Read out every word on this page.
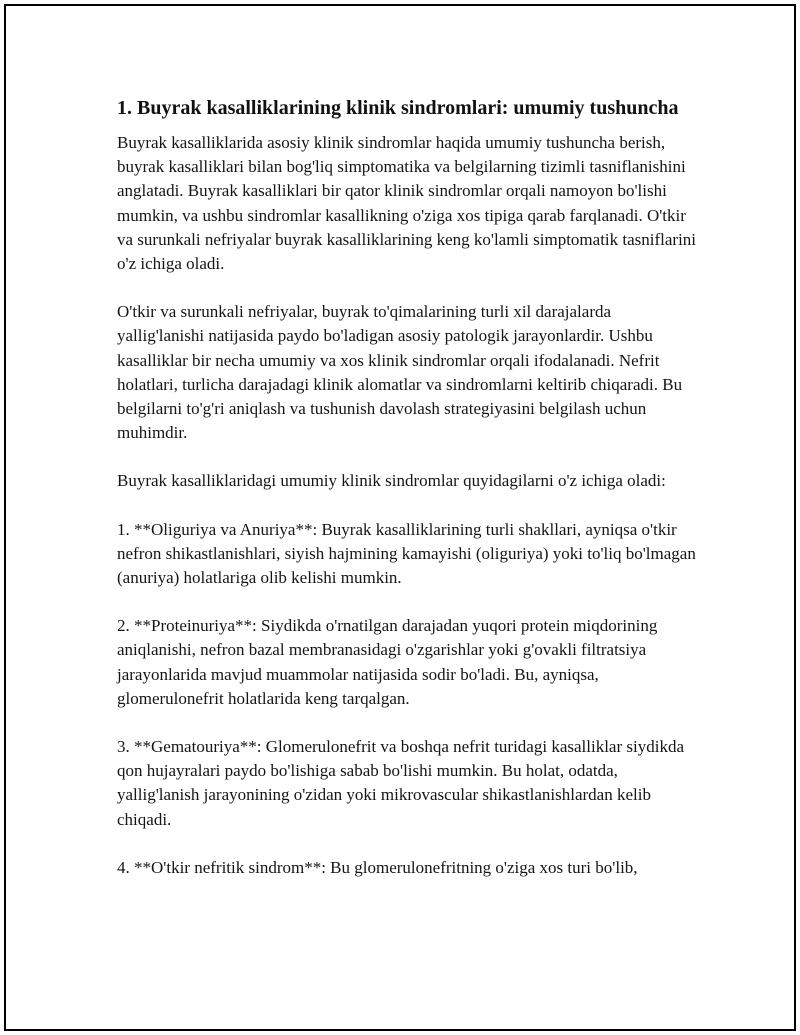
1. Buyrak kasalliklarining klinik sindromlari: umumiy tushuncha

Buyrak kasalliklarida asosiy klinik sindromlar haqida umumiy tushuncha berish, buyrak kasalliklari bilan bog'liq simptomatika va belgilarning tizimli tasniflanishini anglatadi. Buyrak kasalliklari bir qator klinik sindromlar orqali namoyon bo'lishi mumkin, va ushbu sindromlar kasallikning o'ziga xos tipiga qarab farqlanadi. O'tkir va surunkali nefriyalar buyrak kasalliklarining keng ko'lamli simptomatik tasniflarini o'z ichiga oladi.

O'tkir va surunkali nefriyalar, buyrak to'qimalarining turli xil darajalarda yallig'lanishi natijasida paydo bo'ladigan asosiy patologik jarayonlardir. Ushbu kasalliklar bir necha umumiy va xos klinik sindromlar orqali ifodalanadi. Nefrit holatlari, turlicha darajadagi klinik alomatlar va sindromlarni keltirib chiqaradi. Bu belgilarni to'g'ri aniqlash va tushunish davolash strategiyasini belgilash uchun muhimdir.

Buyrak kasalliklaridagi umumiy klinik sindromlar quyidagilarni o'z ichiga oladi:

1. **Oliguriya va Anuriya**: Buyrak kasalliklarining turli shakllari, ayniqsa o'tkir nefron shikastlanishlari, siyish hajmining kamayishi (oliguriya) yoki to'liq bo'lmagan (anuriya) holatlariga olib kelishi mumkin.

2. **Proteinuriya**: Siydikda o'rnatilgan darajadan yuqori protein miqdorining aniqlanishi, nefron bazal membranasidagi o'zgarishlar yoki g'ovakli filtratsiya jarayonlarida mavjud muammolar natijasida sodir bo'ladi. Bu, ayniqsa, glomerulonefrit holatlarida keng tarqalgan.

3. **Gematouriya**: Glomerulonefrit va boshqa nefrit turidagi kasalliklar siydikda qon hujayralari paydo bo'lishiga sabab bo'lishi mumkin. Bu holat, odatda, yallig'lanish jarayonining o'zidan yoki mikrovascular shikastlanishlardan kelib chiqadi.

4. **O'tkir nefritik sindrom**: Bu glomerulonefritning o'ziga xos turi bo'lib,
